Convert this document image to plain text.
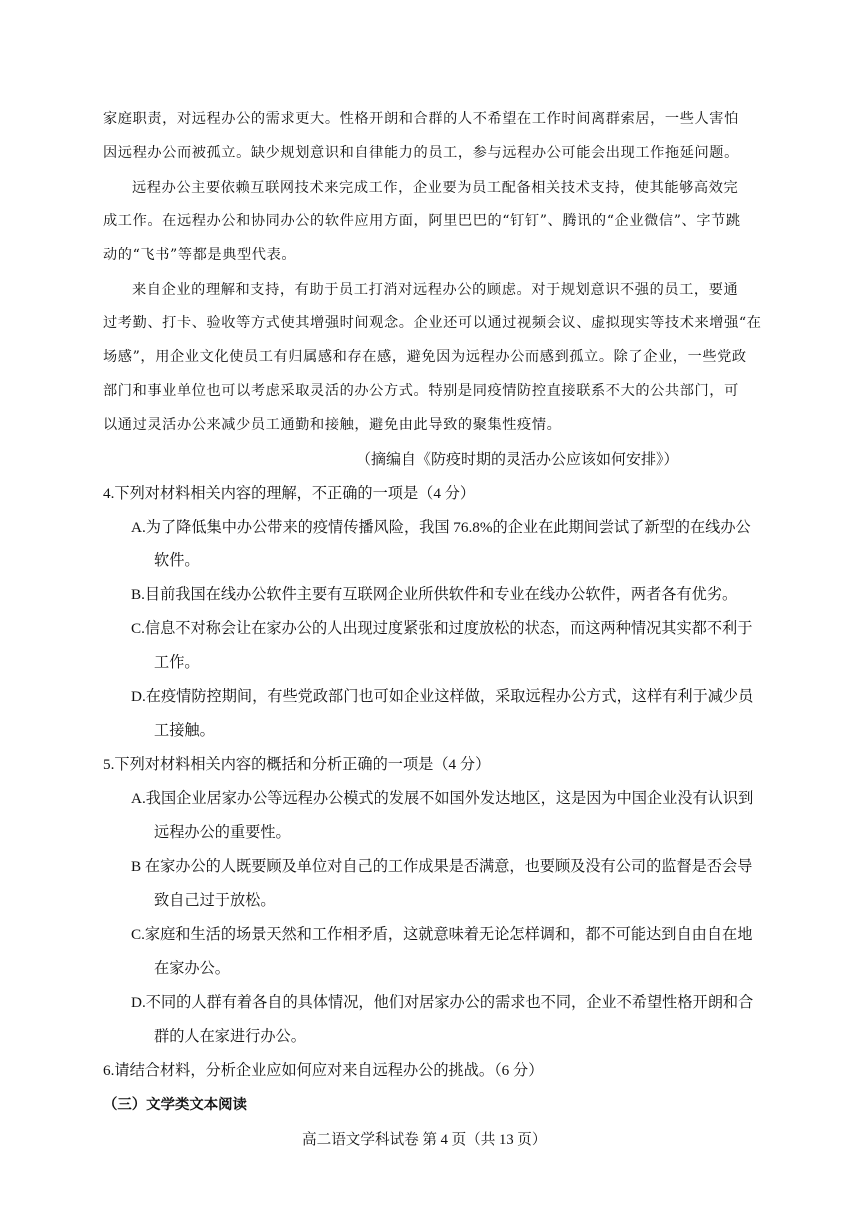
家庭职责，对远程办公的需求更大。性格开朗和合群的人不希望在工作时间离群索居，一些人害怕
因远程办公而被孤立。缺少规划意识和自律能力的员工，参与远程办公可能会出现工作拖延问题。
远程办公主要依赖互联网技术来完成工作，企业要为员工配备相关技术支持，使其能够高效完
成工作。在远程办公和协同办公的软件应用方面，阿里巴巴的“钉钉”、腾讯的“企业微信”、字节跳
动的“飞书”等都是典型代表。
来自企业的理解和支持，有助于员工打消对远程办公的顾虑。对于规划意识不强的员工，要通
过考勤、打卡、验收等方式使其增强时间观念。企业还可以通过视频会议、虚拟现实等技术来增强“在
场感”，用企业文化使员工有归属感和存在感，避免因为远程办公而感到孤立。除了企业，一些党政
部门和事业单位也可以考虑采取灵活的办公方式。特别是同疫情防控直接联系不大的公共部门，可
以通过灵活办公来减少员工通勤和接触，避免由此导致的聚集性疫情。
（摘编自《防疫时期的灵活办公应该如何安排》）
4.下列对材料相关内容的理解，不正确的一项是（4 分）
A.为了降低集中办公带来的疫情传播风险，我国 76.8%的企业在此期间尝试了新型的在线办公
软件。
B.目前我国在线办公软件主要有互联网企业所供软件和专业在线办公软件，两者各有优劣。
C.信息不对称会让在家办公的人出现过度紧张和过度放松的状态，而这两种情况其实都不利于
工作。
D.在疫情防控期间，有些党政部门也可如企业这样做，采取远程办公方式，这样有利于减少员
工接触。
5.下列对材料相关内容的概括和分析正确的一项是（4 分）
A.我国企业居家办公等远程办公模式的发展不如国外发达地区，这是因为中国企业没有认识到
远程办公的重要性。
B 在家办公的人既要顾及单位对自己的工作成果是否满意，也要顾及没有公司的监督是否会导
致自己过于放松。
C.家庭和生活的场景天然和工作相矛盾，这就意味着无论怎样调和，都不可能达到自由自在地
在家办公。
D.不同的人群有着各自的具体情况，他们对居家办公的需求也不同，企业不希望性格开朗和合
群的人在家进行办公。
6.请结合材料，分析企业应如何应对来自远程办公的挑战。（6 分）
（三）文学类文本阅读
高二语文学科试卷 第 4 页（共 13 页）
